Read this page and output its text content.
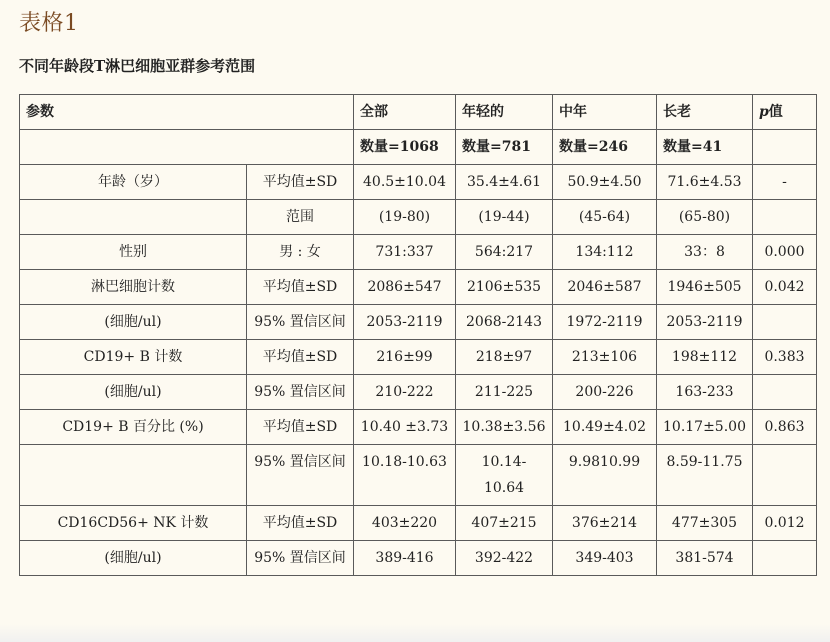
表格1

不同年龄段T淋巴细胞亚群参考范围

参数		全部	年轻的	中年	长老	p值
		数量=1068	数量=781	数量=246	数量=41	
年龄（岁）	平均值±SD	40.5±10.04	35.4±4.61	50.9±4.50	71.6±4.53	-
	范围	(19-80)	(19-44)	(45-64)	(65-80)	
性别	男 : 女	731:337	564:217	134:112	33：8	0.000
淋巴细胞计数	平均值±SD	2086±547	2106±535	2046±587	1946±505	0.042
(细胞/ul)	95% 置信区间	2053-2119	2068-2143	1972-2119	2053-2119	
CD19+ B 计数	平均值±SD	216±99	218±97	213±106	198±112	0.383
(细胞/ul)	95% 置信区间	210-222	211-225	200-226	163-233	
CD19+ B 百分比 (%)	平均值±SD	10.40 ±3.73	10.38±3.56	10.49±4.02	10.17±5.00	0.863
	95% 置信区间	10.18-10.63	10.14-10.64	9.9810.99	8.59-11.75	
CD16CD56+ NK 计数	平均值±SD	403±220	407±215	376±214	477±305	0.012
(细胞/ul)	95% 置信区间	389-416	392-422	349-403	381-574	
